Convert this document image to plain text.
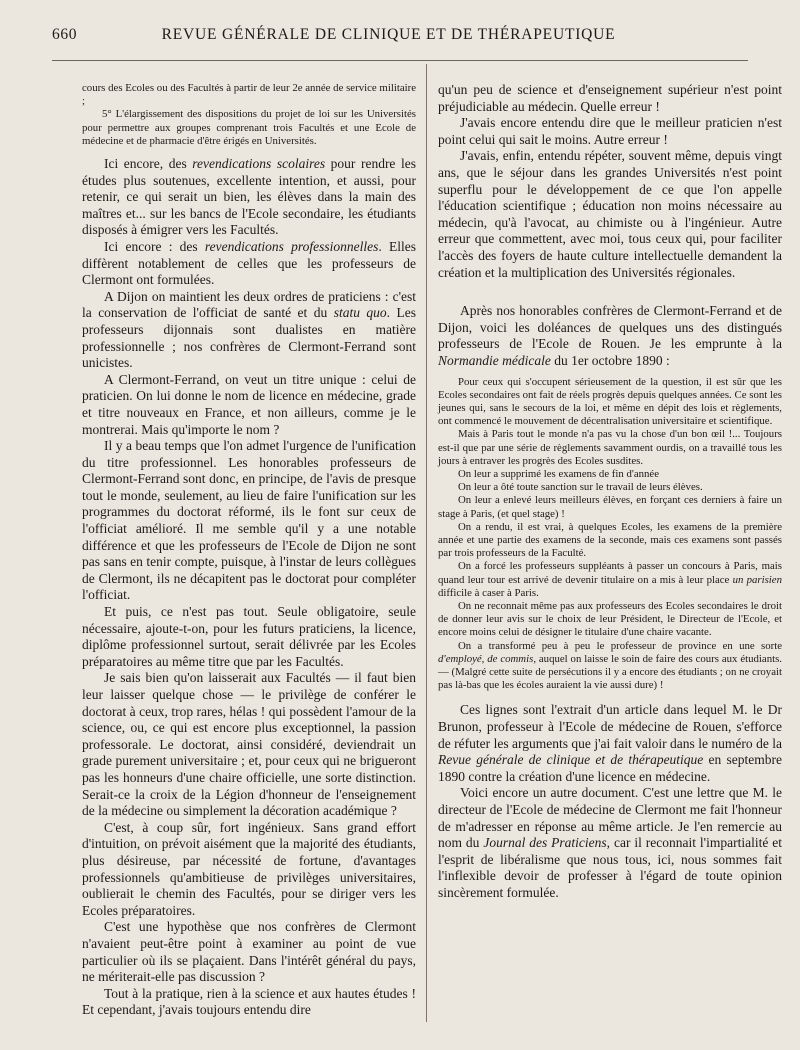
660	REVUE GÉNÉRALE DE CLINIQUE ET DE THÉRAPEUTIQUE

cours des Ecoles ou des Facultés à partir de leur 2e année de service militaire ;

5° L'élargissement des dispositions du projet de loi sur les Universités pour permettre aux groupes comprenant trois Facultés et une Ecole de médecine et de pharmacie d'être érigés en Universités.

Ici encore, des revendications scolaires pour rendre les études plus soutenues, excellente intention, et aussi, pour retenir, ce qui serait un bien, les élèves dans la main des maîtres et... sur les bancs de l'Ecole secondaire, les étudiants disposés à émigrer vers les Facultés.

Ici encore : des revendications professionnelles. Elles diffèrent notablement de celles que les professeurs de Clermont ont formulées.

A Dijon on maintient les deux ordres de praticiens : c'est la conservation de l'officiat de santé et du statu quo. Les professeurs dijonnais sont dualistes en matière professionnelle ; nos confrères de Clermont-Ferrand sont unicistes.

A Clermont-Ferrand, on veut un titre unique : celui de praticien. On lui donne le nom de licence en médecine, grade et titre nouveaux en France, et non ailleurs, comme je le montrerai. Mais qu'importe le nom ?

Il y a beau temps que l'on admet l'urgence de l'unification du titre professionnel. Les honorables professeurs de Clermont-Ferrand sont donc, en principe, de l'avis de presque tout le monde, seulement, au lieu de faire l'unification sur les programmes du doctorat réformé, ils le font sur ceux de l'officiat amélioré. Il me semble qu'il y a une notable différence et que les professeurs de l'Ecole de Dijon ne sont pas sans en tenir compte, puisque, à l'instar de leurs collègues de Clermont, ils ne décapitent pas le doctorat pour compléter l'officiat.

Et puis, ce n'est pas tout. Seule obligatoire, seule nécessaire, ajoute-t-on, pour les futurs praticiens, la licence, diplôme professionnel surtout, serait délivrée par les Ecoles préparatoires au même titre que par les Facultés.

Je sais bien qu'on laisserait aux Facultés — il faut bien leur laisser quelque chose — le privilège de conférer le doctorat à ceux, trop rares, hélas ! qui possèdent l'amour de la science, ou, ce qui est encore plus exceptionnel, la passion professorale. Le doctorat, ainsi considéré, deviendrait un grade purement universitaire ; et, pour ceux qui ne brigueront pas les honneurs d'une chaire officielle, une sorte distinction. Serait-ce la croix de la Légion d'honneur de l'enseignement de la médecine ou simplement la décoration académique ?

C'est, à coup sûr, fort ingénieux. Sans grand effort d'intuition, on prévoit aisément que la majorité des étudiants, plus désireuse, par nécessité de fortune, d'avantages professionnels qu'ambitieuse de privilèges universitaires, oublierait le chemin des Facultés, pour se diriger vers les Ecoles préparatoires.

C'est une hypothèse que nos confrères de Clermont n'avaient peut-être point à examiner au point de vue particulier où ils se plaçaient. Dans l'intérêt général du pays, ne mériterait-elle pas discussion ?

Tout à la pratique, rien à la science et aux hautes études ! Et cependant, j'avais toujours entendu dire

qu'un peu de science et d'enseignement supérieur n'est point préjudiciable au médecin. Quelle erreur !

J'avais encore entendu dire que le meilleur praticien n'est point celui qui sait le moins. Autre erreur !

J'avais, enfin, entendu répéter, souvent même, depuis vingt ans, que le séjour dans les grandes Universités n'est point superflu pour le développement de ce que l'on appelle l'éducation scientifique ; éducation non moins nécessaire au médecin, qu'à l'avocat, au chimiste ou à l'ingénieur. Autre erreur que commettent, avec moi, tous ceux qui, pour faciliter l'accès des foyers de haute culture intellectuelle demandent la création et la multiplication des Universités régionales.

Après nos honorables confrères de Clermont-Ferrand et de Dijon, voici les doléances de quelques uns des distingués professeurs de l'Ecole de Rouen. Je les emprunte à la Normandie médicale du 1er octobre 1890 :

Pour ceux qui s'occupent sérieusement de la question, il est sûr que les Ecoles secondaires ont fait de réels progrès depuis quelques années. Ce sont les jeunes qui, sans le secours de la loi, et même en dépit des lois et règlements, ont commencé le mouvement de décentralisation universitaire et scientifique.

Mais à Paris tout le monde n'a pas vu la chose d'un bon œil !... Toujours est-il que par une série de règlements savamment ourdis, on a travaillé tous les jours à entraver les progrès des Ecoles susdites.

On leur a supprimé les examens de fin d'année

On leur a ôté toute sanction sur le travail de leurs élèves.

On leur a enlevé leurs meilleurs élèves, en forçant ces derniers à faire un stage à Paris, (et quel stage) !

On a rendu, il est vrai, à quelques Ecoles, les examens de la première année et une partie des examens de la seconde, mais ces examens sont passés par trois professeurs de la Faculté.

On a forcé les professeurs suppléants à passer un concours à Paris, mais quand leur tour est arrivé de devenir titulaire on a mis à leur place un parisien difficile à caser à Paris.

On ne reconnait même pas aux professeurs des Ecoles secondaires le droit de donner leur avis sur le choix de leur Président, le Directeur de l'Ecole, et encore moins celui de désigner le titulaire d'une chaire vacante.

On a transformé peu à peu le professeur de province en une sorte d'employé, de commis, auquel on laisse le soin de faire des cours aux étudiants. — (Malgré cette suite de persécutions il y a encore des étudiants ; on ne croyait pas là-bas que les écoles auraient la vie aussi dure) !

Ces lignes sont l'extrait d'un article dans lequel M. le Dr Brunon, professeur à l'Ecole de médecine de Rouen, s'efforce de réfuter les arguments que j'ai fait valoir dans le numéro de la Revue générale de clinique et de thérapeutique en septembre 1890 contre la création d'une licence en médecine.

Voici encore un autre document. C'est une lettre que M. le directeur de l'Ecole de médecine de Clermont me fait l'honneur de m'adresser en réponse au même article. Je l'en remercie au nom du Journal des Praticiens, car il reconnait l'impartialité et l'esprit de libéralisme que nous tous, ici, nous sommes fait l'inflexible devoir de professer à l'égard de toute opinion sincèrement formulée.
